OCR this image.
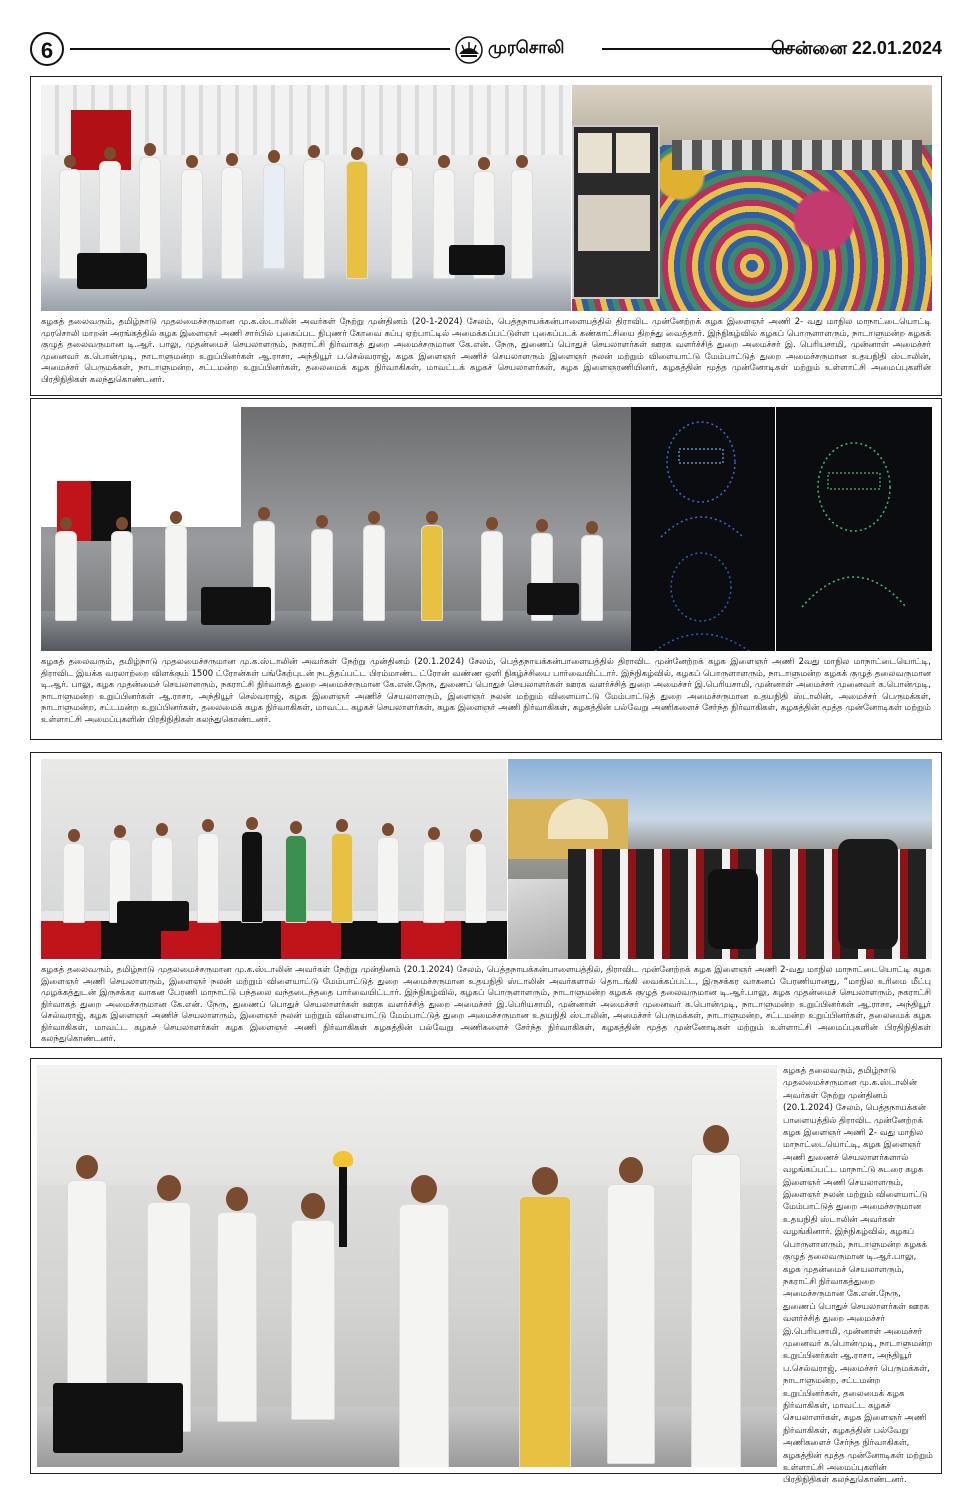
6	முரசொலி	சென்னை 22.01.2024
கழகத் தலைவரும், தமிழ்நாடு முதலமைச்சருமான மு.க.ஸ்டாலின் அவர்கள் நேற்று முன்தினம் (20-1-2024) சேலம், பெத்தநாயக்கன்பாளையத்தில் திராவிட முன்னேற்றக் கழக இளைஞர் அணி 2- வது மாநில மாநாட்டையொட்டி முரசொலி மாறன் அரங்கத்தில் கழக இளைஞர் அணி சார்பில் புகைப்பட நிபுணர் கோவை சுப்பு ஏற்பாட்டில் அமைக்கப்பட்டுள்ள புகைப்படக் கண்காட்சியை திறந்து வைத்தார். இந்நிகழ்வில் கழகப் பொருளாளரும், நாடாளுமன்ற கழகக் குழுத் தலைவருமான டி.ஆர். பாலு, முதன்மைச் செயலாளரும், நகராட்சி நிர்வாகத் துறை அமைச்சருமான கே.என். நேரு, துணைப் பொதுச் செயலாளர்கள் ஊரக வளர்ச்சித் துறை அமைச்சர் இ. பெரியசாமி, முன்னாள் அமைச்சர் முனைவர் க.பொன்முடி, நாடாளுமன்ற உறுப்பினர்கள் ஆ.ராசா, அந்தியூர் ப.செல்வராஜ், கழக இளைஞர் அணிச் செயலாளரும் இளைஞர் நலன் மற்றும் விளையாட்டு மேம்பாட்டுத் துறை அமைச்சருமான உதயநிதி ஸ்டாலின், அமைச்சர் பெருமக்கள், நாடாளுமன்ற, சட்டமன்ற உறுப்பினர்கள், தலைமைக் கழக நிர்வாகிகள், மாவட்டக் கழகச் செயலாளர்கள், கழக இளைஞரணியினர், கழகத்தின் மூத்த முன்னோடிகள் மற்றும் உள்ளாட்சி அமைப்புகளின் பிரதிநிதிகள் கலந்துகொண்டனர்.
கழகத் தலைவரும், தமிழ்நாடு முதலமைச்சருமான மு.க.ஸ்டாலின் அவர்கள் நேற்று முன்தினம் (20.1.2024) சேலம், பெத்தநாயக்கன்பாளையத்தில் திராவிட முன்னேற்றக் கழக இளைஞர் அணி 2வது மாநில மாநாட்டையொட்டி, திராவிட இயக்க வரலாற்றை விளக்கும் 1500 ட்ரோன்கள் பங்கேற்புடன் நடத்தப்பட்ட பிரம்மாண்ட ட்ரோன் வண்ண ஒளி நிகழ்ச்சியை பார்வையிட்டார். இந்நிகழ்வில், கழகப் பொருளாளரும், நாடாளுமன்ற கழகக் குழுத் தலைவருமான டி.ஆர். பாலு, கழக முதன்மைச் செயலாளரும், நகராட்சி நிர்வாகத் துறை அமைச்சருமான கே.என்.நேரு, துணைப் பொதுச் செயலாளர்கள் ஊரக வளர்ச்சித் துறை அமைச்சர் இ.பெரியசாமி, முன்னாள் அமைச்சர் முனைவர் க.பொன்முடி, நாடாளுமன்ற உறுப்பினர்கள் ஆ.ராசா, அந்தியூர் செல்வராஜ், கழக இளைஞர் அணிச் செயலாளரும், இளைஞர் நலன் மற்றும் விளையாட்டு மேம்பாட்டுத் துறை அமைச்சருமான உதயநிதி ஸ்டாலின், அமைச்சர் பெருமக்கள், நாடாளுமன்ற, சட்டமன்ற உறுப்பினர்கள், தலைமைக் கழக நிர்வாகிகள், மாவட்ட கழகச் செயலாளர்கள், கழக இளைஞர் அணி நிர்வாகிகள், கழகத்தின் பல்வேறு அணிகளைச் சேர்ந்த நிர்வாகிகள், கழகத்தின் மூத்த முன்னோடிகள் மற்றும் உள்ளாட்சி அமைப்புகளின் பிரதிநிதிகள் கலந்துகொண்டனர்.
கழகத் தலைவரும், தமிழ்நாடு முதலமைச்சருமான மு.க.ஸ்டாலின் அவர்கள் நேற்று முன்தினம் (20.1.2024) சேலம், பெத்தநாயக்கன்பாளையத்தில், திராவிட முன்னேற்றக் கழக இளைஞர் அணி 2-வது மாநில மாநாட்டையொட்டி கழக இளைஞர் அணி செயலாளரும், இளைஞர் நலன் மற்றும் விளையாட்டு மேம்பாட்டுத் துறை அமைச்சருமான உதயநிதி ஸ்டாலின் அவர்களால் தொடங்கி வைக்கப்பட்ட, இருசக்கர வாகனப் பேரணியானது, “மாநில உரிமை மீட்பு முழக்கத்துடன் இருசக்கர வாகன பேரணி மாநாட்டு பந்தலை வந்தடைந்ததை பார்வையிட்டார். இந்நிகழ்வில், கழகப் பொருளாளரும், நாடாளுமன்ற கழகக் குழுத் தலைவருமான டி.ஆர்.பாலு, கழக முதன்மைச் செயலாளரும், நகராட்சி நிர்வாகத் துறை அமைச்சருமான கே.என். நேரு, துணைப் பொதுச் செயலாளர்கள் ஊரக வளர்ச்சித் துறை அமைச்சர் இ.பெரியசாமி, முன்னாள் அமைச்சர் முனைவர் க.பொன்முடி, நாடாளுமன்ற உறுப்பினர்கள் ஆ.ராசா, அந்தியூர் செல்வராஜ், கழக இளைஞர் அணிச் செயலாளரும், இளைஞர் நலன் மற்றும் விளையாட்டு மேம்பாட்டுத் துறை அமைச்சருமான உதயநிதி ஸ்டாலின், அமைச்சர் பெருமக்கள், நாடாளுமன்ற, சட்டமன்ற உறுப்பினர்கள், தலைமைக் கழக நிர்வாகிகள், மாவட்ட கழகச் செயலாளர்கள் கழக இளைஞர் அணி நிர்வாகிகள் கழகத்தின் பல்வேறு அணிகளைச் சேர்ந்த நிர்வாகிகள், கழகத்தின் மூத்த முன்னோடிகள் மற்றும் உள்ளாட்சி அமைப்புகளின் பிரதிநிதிகள் கலந்துகொண்டனர்.
கழகத் தலைவரும், தமிழ்நாடு முதலமைச்சருமான மு.க.ஸ்டாலின் அவர்கள் நேற்று முன்தினம் (20.1.2024) சேலம், பெத்தநாயக்கன் பாளையத்தில் திராவிட முன்னேற்றக் கழக இளைஞர் அணி 2- வது மாநில மாநாட்டையொட்டி, கழக இளைஞர் அணி துணைச் செயலாளர்களால் வழங்கப்பட்ட மாநாட்டு சுடரை கழக இளைஞர் அணி செயலாளரும், இளைஞர் நலன் மற்றும் விளையாட்டு மேம்பாட்டுத் துறை அமைச்சருமான உதயநிதி ஸ்டாலின் அவர்கள் வழங்கினார். இந்நிகழ்வில், கழகப் பொருளாளரும், நாடாளுமன்ற கழகக் குழுத் தலைவருமான டி.ஆர்.பாலு, கழக முதன்மைச் செயலாளரும், நகராட்சி நிர்வாகத்துறை அமைச்சருமான கே.என்.நேரு, துணைப் பொதுச் செயலாளர்கள் ஊரக வளர்ச்சித் துறை அமைச்சர் இ.பெரியசாமி, முன்னாள் அமைச்சர் முனைவர் க.பொன்முடி, நாடாளுமன்ற உறுப்பினர்கள் ஆ.ராசா, அந்தியூர் ப.செல்வராஜ், அமைச்சர் பெருமக்கள், நாடாளுமன்ற, சட்டமன்ற உறுப்பினர்கள், தலைமைக் கழக நிர்வாகிகள், மாவட்ட கழகச் செயலாளர்கள், கழக இளைஞர் அணி நிர்வாகிகள், கழகத்தின் பல்வேறு அணிகளைச் சேர்ந்த நிர்வாகிகள், கழகத்தின் மூத்த முன்னோடிகள் மற்றும் உள்ளாட்சி அமைப்புகளின் பிரதிநிதிகள் கலந்துகொண்டனர்.
